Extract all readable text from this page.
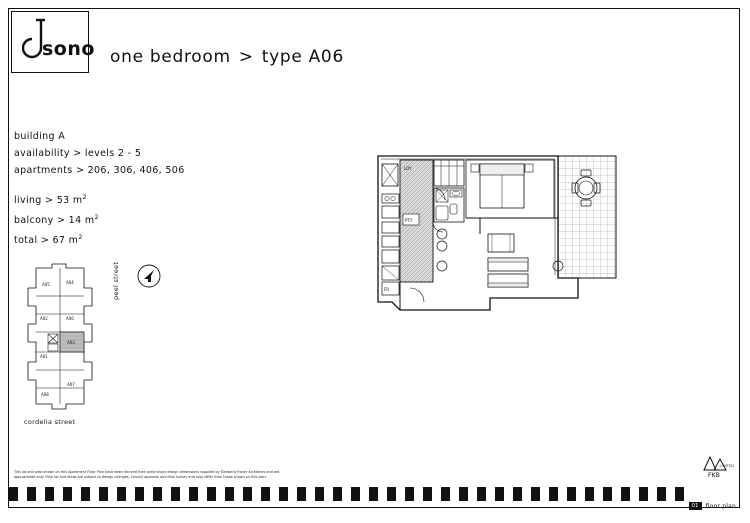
sono one bedroom > type A06
building A
availability > levels 2 - 5
apartments > 206, 306, 406, 506
living > 53 $m^2$
balcony > 14 $m^2$
total > 67 $m^2$
A05	A04
A02	A06
A01
A03
A08
A07
cordelia street
peel street
PTY
FR
LDY
This lot and area shown on this Apartment Floor Plan have been derived from preliminary design dimensions supplied by Elenberg Fraser Architects and are
approximate only. Final lot and areas are subject to design changes, Council approval and final survey and may differ from those shown on this plan.	FKB
LIMITED
01	floor plan
